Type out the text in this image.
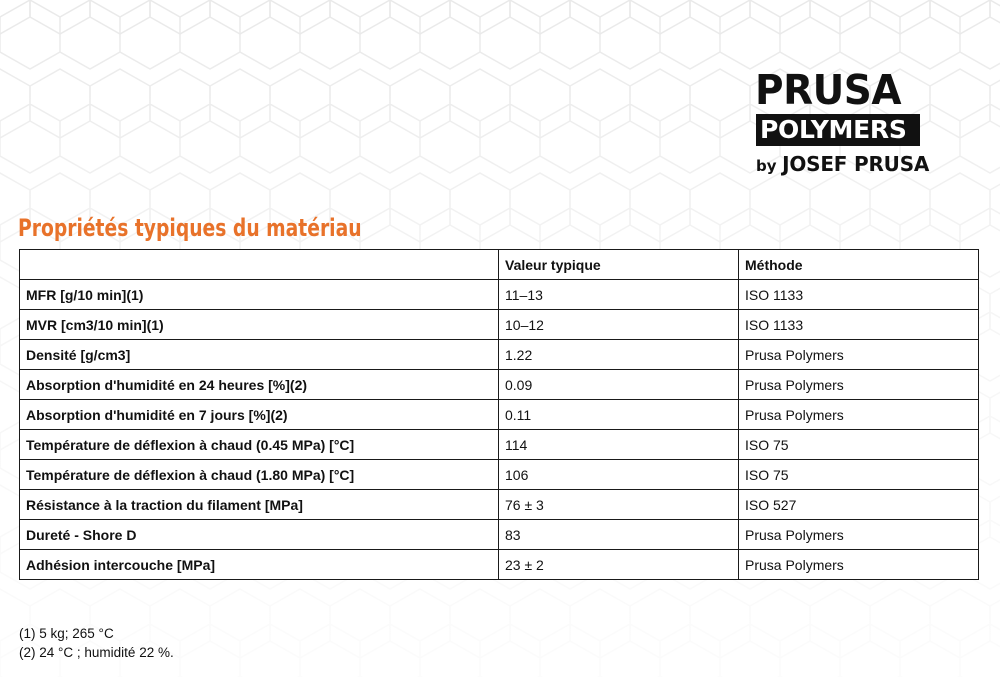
PRUSA
POLYMERS
by JOSEF PRUSA
Propriétés typiques du matériau
	Valeur typique	Méthode
MFR [g/10 min](1)	11–13	ISO 1133
MVR [cm3/10 min](1)	10–12	ISO 1133
Densité [g/cm3]	1.22	Prusa Polymers
Absorption d'humidité en 24 heures [%](2)	0.09	Prusa Polymers
Absorption d'humidité en 7 jours [%](2)	0.11	Prusa Polymers
Température de déflexion à chaud (0.45 MPa) [°C]	114	ISO 75
Température de déflexion à chaud (1.80 MPa) [°C]	106	ISO 75
Résistance à la traction du filament [MPa]	76 ± 3	ISO 527
Dureté - Shore D	83	Prusa Polymers
Adhésion intercouche [MPa]	23 ± 2	Prusa Polymers
(1) 5 kg; 265 °C
(2) 24 °C ; humidité 22 %.
